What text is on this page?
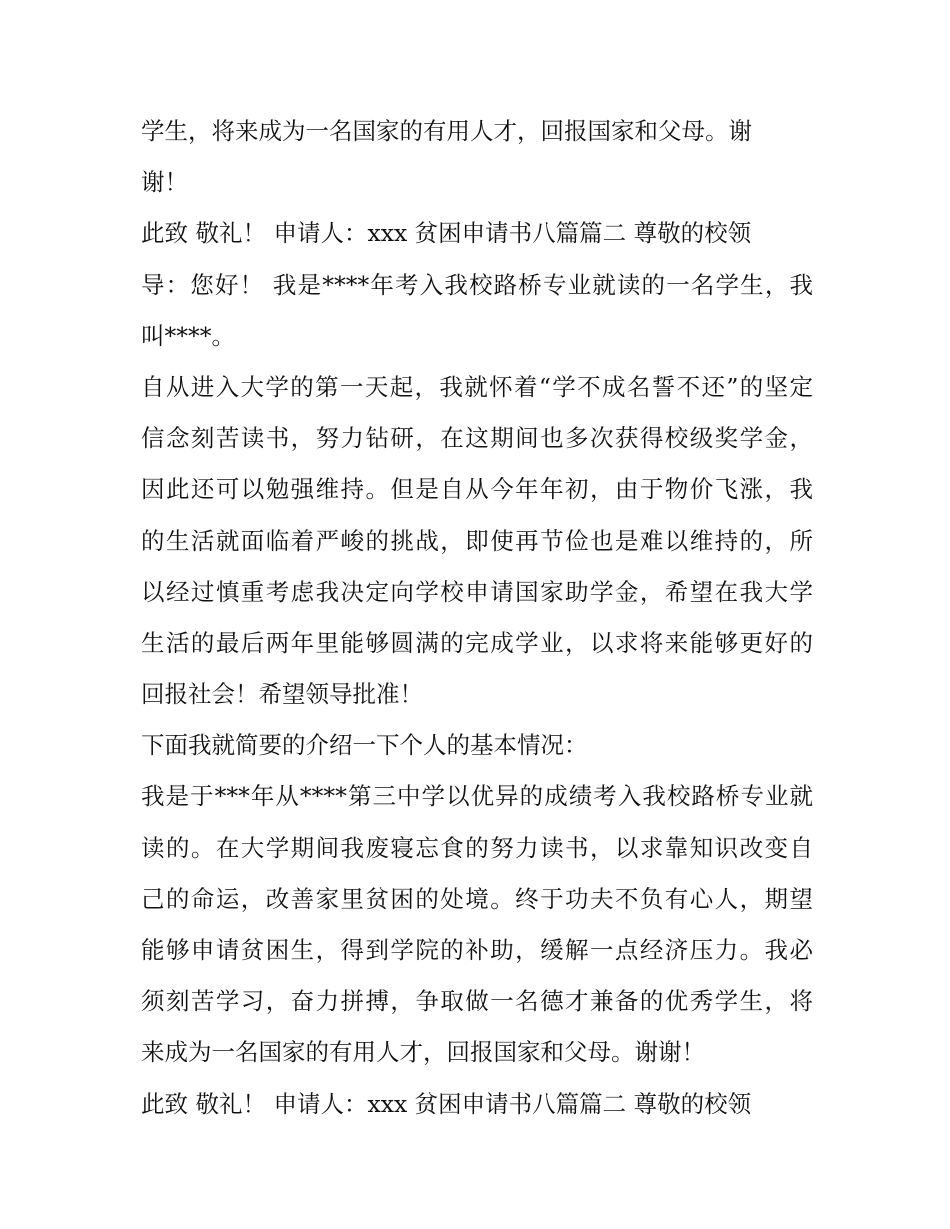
学生，将来成为一名国家的有用人才，回报国家和父母。谢
谢！
此致 敬礼！ 申请人：xxx 贫困申请书八篇篇二 尊敬的校领
导：您好！ 我是****年考入我校路桥专业就读的一名学生，我
叫****。
自从进入大学的第一天起，我就怀着“学不成名誓不还”的坚定
信念刻苦读书，努力钻研，在这期间也多次获得校级奖学金，
因此还可以勉强维持。但是自从今年年初，由于物价飞涨，我
的生活就面临着严峻的挑战，即使再节俭也是难以维持的，所
以经过慎重考虑我决定向学校申请国家助学金，希望在我大学
生活的最后两年里能够圆满的完成学业，以求将来能够更好的
回报社会！希望领导批准！
下面我就简要的介绍一下个人的基本情况：
我是于***年从****第三中学以优异的成绩考入我校路桥专业就
读的。在大学期间我废寝忘食的努力读书，以求靠知识改变自
己的命运，改善家里贫困的处境。终于功夫不负有心人，期望
能够申请贫困生，得到学院的补助，缓解一点经济压力。我必
须刻苦学习，奋力拼搏，争取做一名德才兼备的优秀学生，将
来成为一名国家的有用人才，回报国家和父母。谢谢！
此致 敬礼！ 申请人：xxx 贫困申请书八篇篇二 尊敬的校领
